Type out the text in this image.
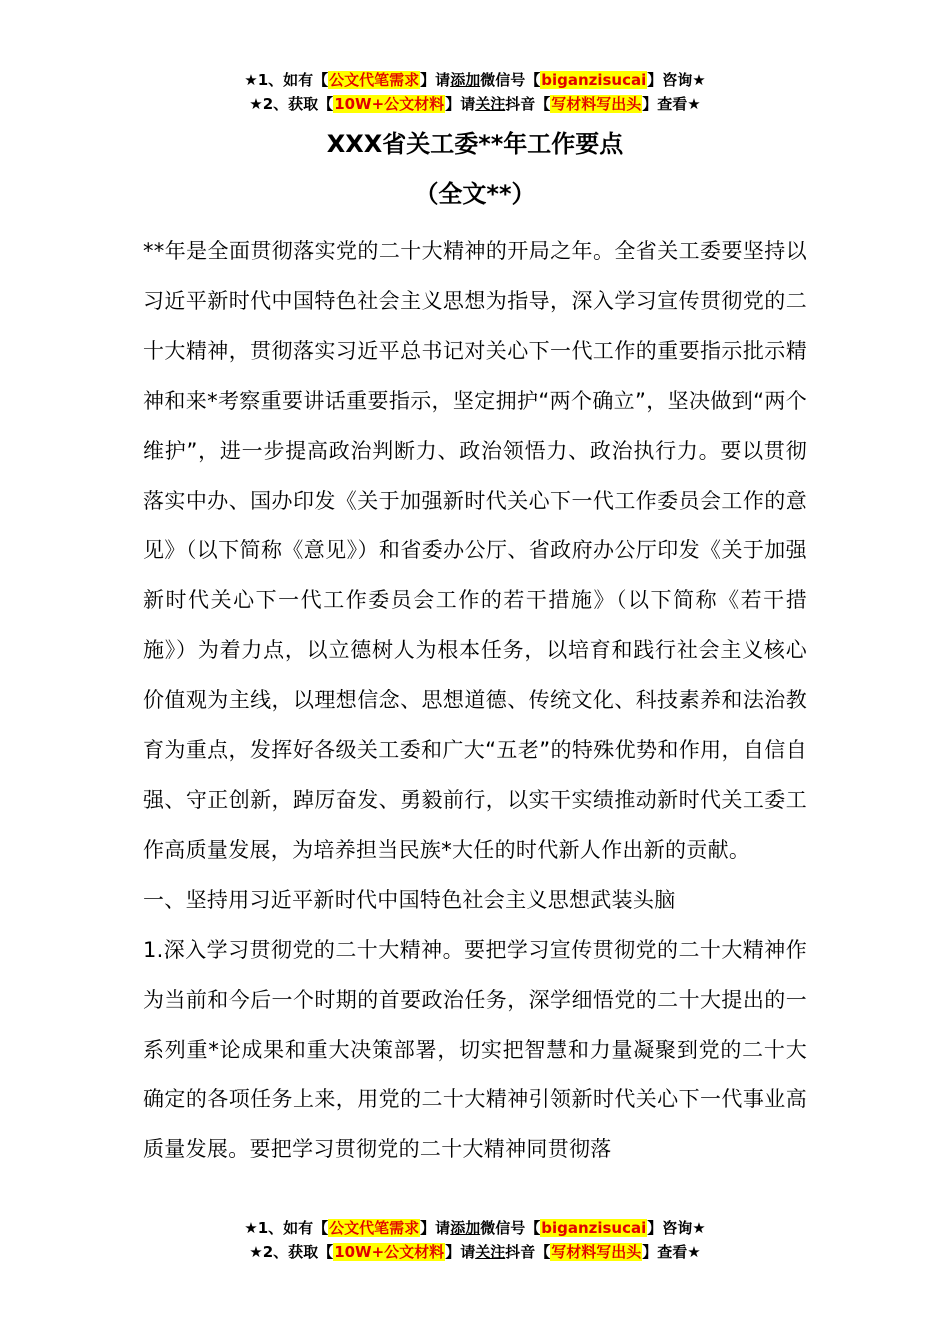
★1、如有【公文代笔需求】请添加微信号【biganzisucai】咨询★
★2、获取【10W+公文材料】请关注抖音【写材料写出头】查看★
XXX省关工委**年工作要点
（全文**）

**年是全面贯彻落实党的二十大精神的开局之年。全省关工委要坚持以习近平新时代中国特色社会主义思想为指导，深入学习宣传贯彻党的二十大精神，贯彻落实习近平总书记对关心下一代工作的重要指示批示精神和来*考察重要讲话重要指示，坚定拥护“两个确立”，坚决做到“两个维护”，进一步提高政治判断力、政治领悟力、政治执行力。要以贯彻落实中办、国办印发《关于加强新时代关心下一代工作委员会工作的意见》（以下简称《意见》）和省委办公厅、省政府办公厅印发《关于加强新时代关心下一代工作委员会工作的若干措施》（以下简称《若干措施》）为着力点，以立德树人为根本任务，以培育和践行社会主义核心价值观为主线，以理想信念、思想道德、传统文化、科技素养和法治教育为重点，发挥好各级关工委和广大“五老”的特殊优势和作用，自信自强、守正创新，踔厉奋发、勇毅前行，以实干实绩推动新时代关工委工作高质量发展，为培养担当民族*大任的时代新人作出新的贡献。

一、坚持用习近平新时代中国特色社会主义思想武装头脑

1.深入学习贯彻党的二十大精神。要把学习宣传贯彻党的二十大精神作为当前和今后一个时期的首要政治任务，深学细悟党的二十大提出的一系列重*论成果和重大决策部署，切实把智慧和力量凝聚到党的二十大确定的各项任务上来，用党的二十大精神引领新时代关心下一代事业高质量发展。要把学习贯彻党的二十大精神同贯彻落

★1、如有【公文代笔需求】请添加微信号【biganzisucai】咨询★
★2、获取【10W+公文材料】请关注抖音【写材料写出头】查看★
